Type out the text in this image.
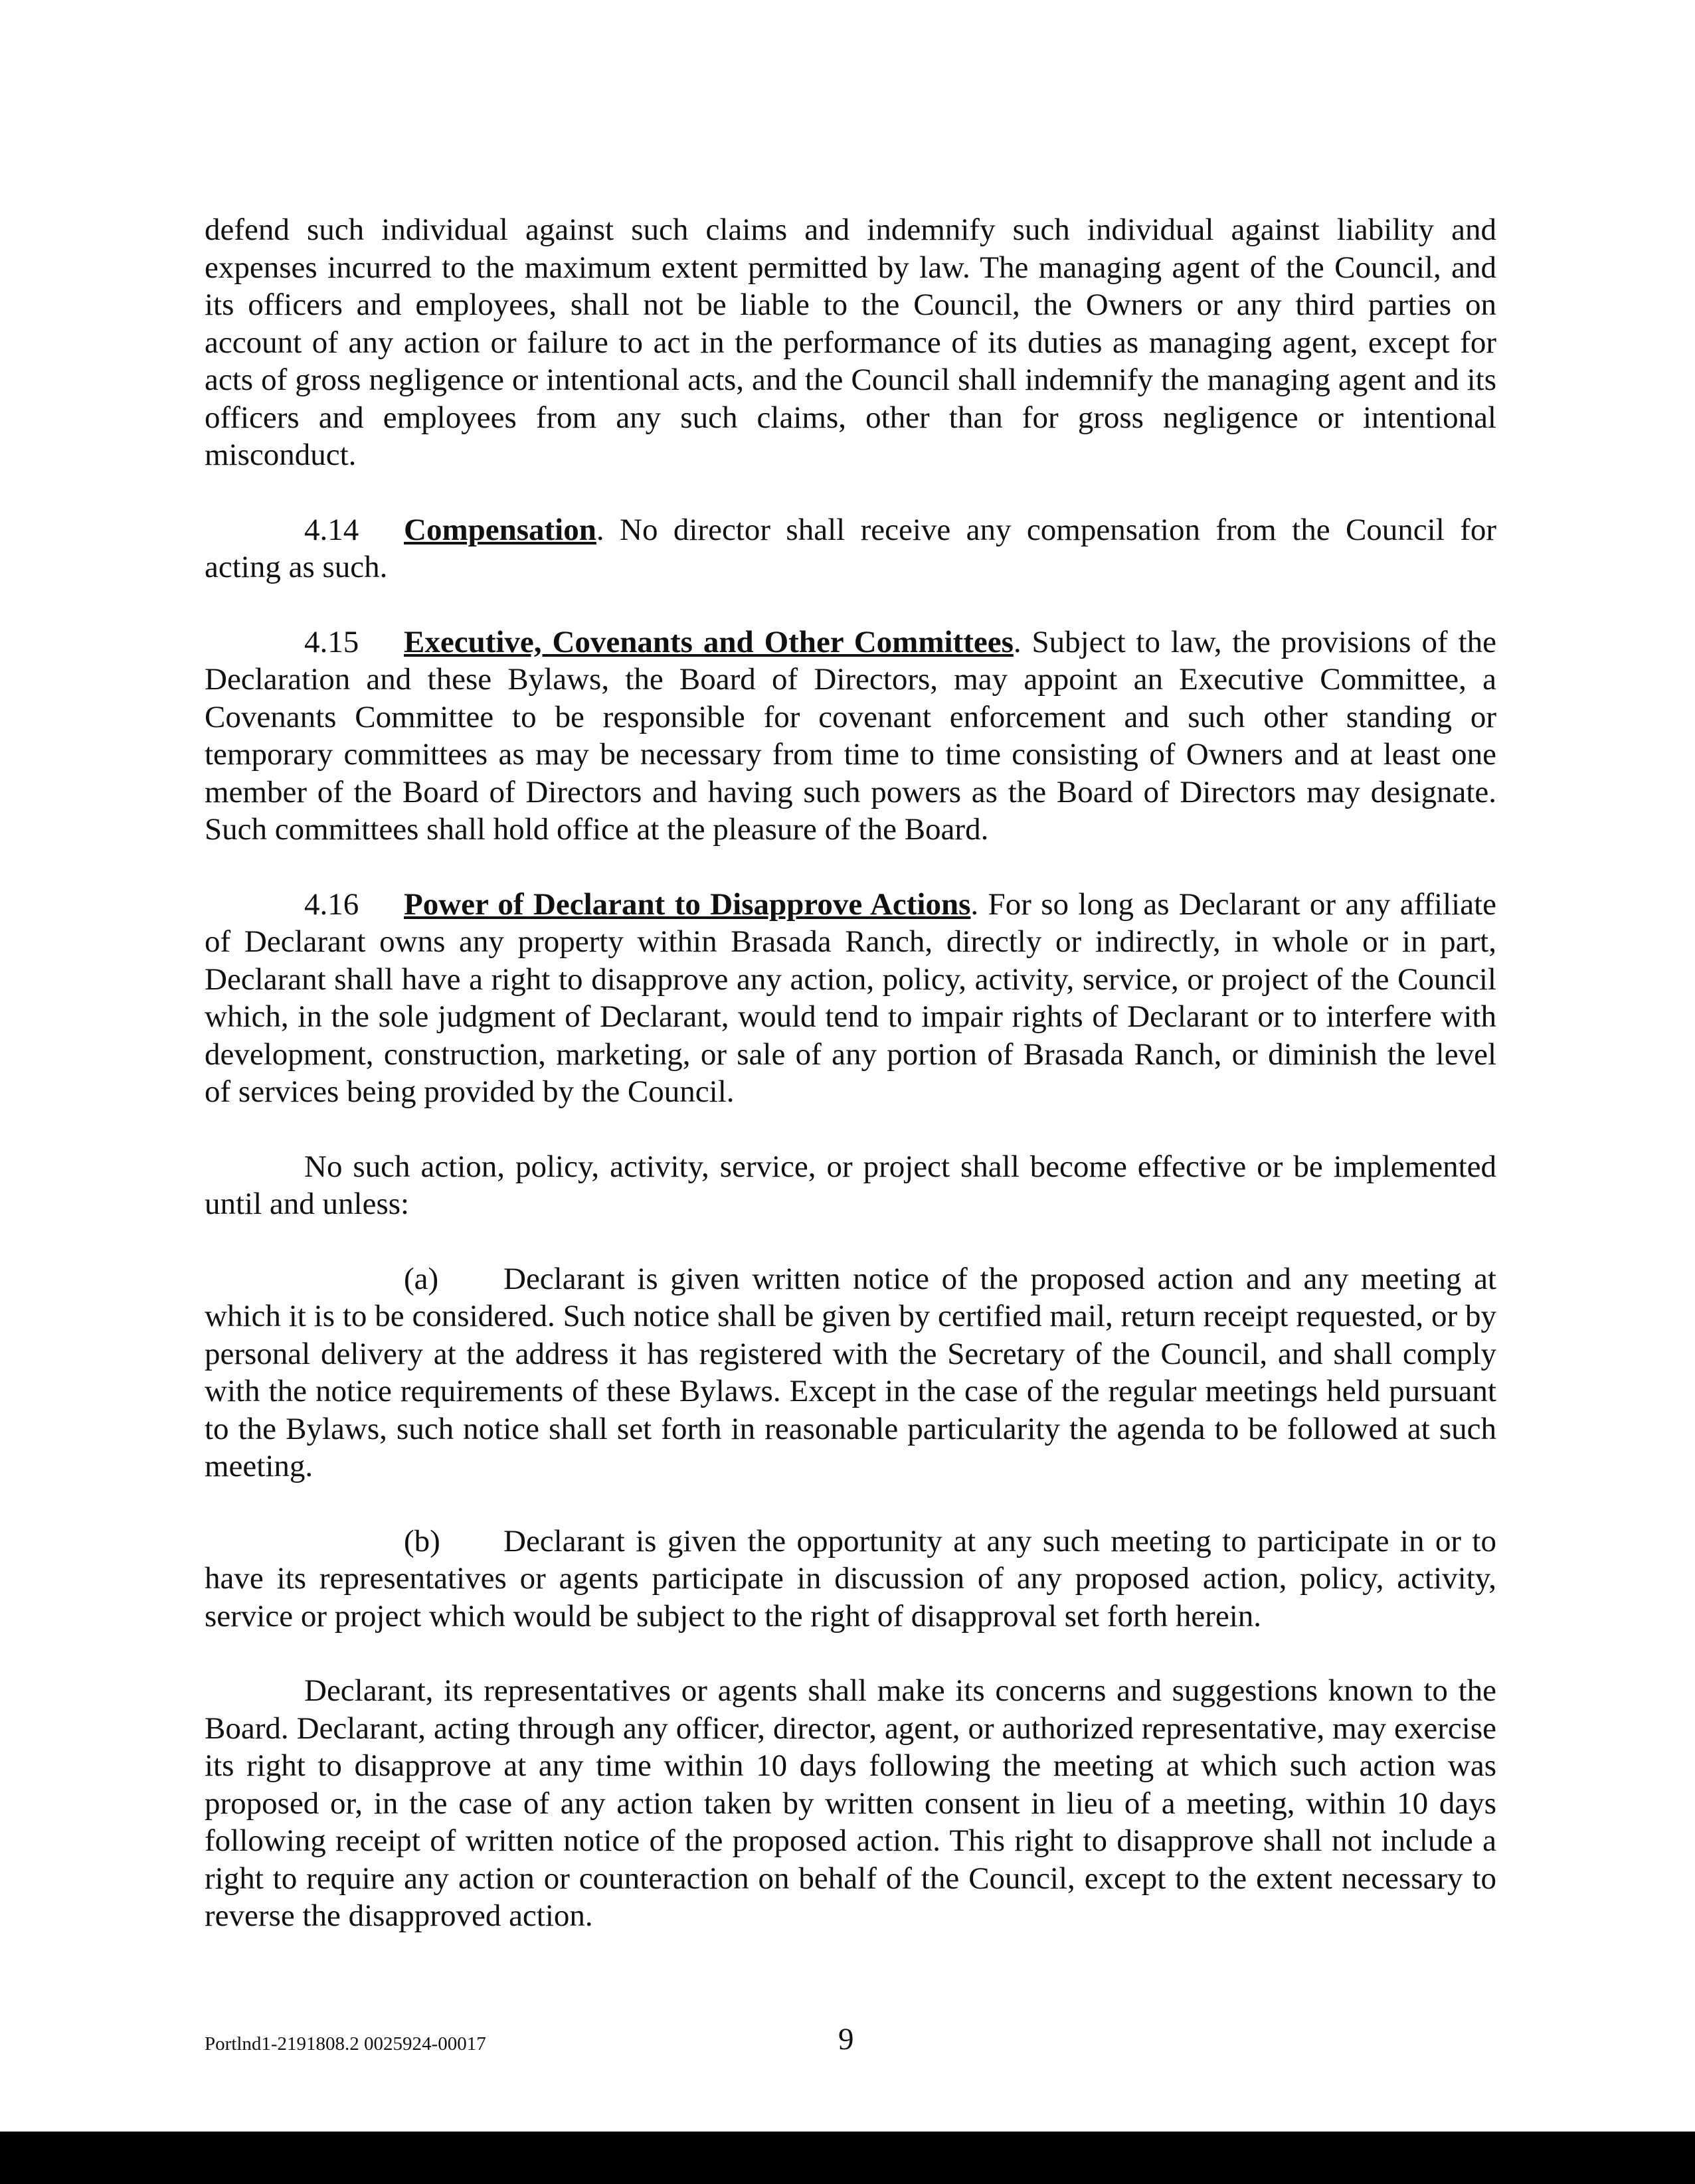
defend such individual against such claims and indemnify such individual against liability and expenses incurred to the maximum extent permitted by law. The managing agent of the Council, and its officers and employees, shall not be liable to the Council, the Owners or any third parties on account of any action or failure to act in the performance of its duties as managing agent, except for acts of gross negligence or intentional acts, and the Council shall indemnify the managing agent and its officers and employees from any such claims, other than for gross negligence or intentional misconduct.

4.14 Compensation. No director shall receive any compensation from the Council for acting as such.

4.15 Executive, Covenants and Other Committees. Subject to law, the provisions of the Declaration and these Bylaws, the Board of Directors, may appoint an Executive Committee, a Covenants Committee to be responsible for covenant enforcement and such other standing or temporary committees as may be necessary from time to time consisting of Owners and at least one member of the Board of Directors and having such powers as the Board of Directors may designate. Such committees shall hold office at the pleasure of the Board.

4.16 Power of Declarant to Disapprove Actions. For so long as Declarant or any affiliate of Declarant owns any property within Brasada Ranch, directly or indirectly, in whole or in part, Declarant shall have a right to disapprove any action, policy, activity, service, or project of the Council which, in the sole judgment of Declarant, would tend to impair rights of Declarant or to interfere with development, construction, marketing, or sale of any portion of Brasada Ranch, or diminish the level of services being provided by the Council.

No such action, policy, activity, service, or project shall become effective or be implemented until and unless:

(a) Declarant is given written notice of the proposed action and any meeting at which it is to be considered. Such notice shall be given by certified mail, return receipt requested, or by personal delivery at the address it has registered with the Secretary of the Council, and shall comply with the notice requirements of these Bylaws. Except in the case of the regular meetings held pursuant to the Bylaws, such notice shall set forth in reasonable particularity the agenda to be followed at such meeting.

(b) Declarant is given the opportunity at any such meeting to participate in or to have its representatives or agents participate in discussion of any proposed action, policy, activity, service or project which would be subject to the right of disapproval set forth herein.

Declarant, its representatives or agents shall make its concerns and suggestions known to the Board. Declarant, acting through any officer, director, agent, or authorized representative, may exercise its right to disapprove at any time within 10 days following the meeting at which such action was proposed or, in the case of any action taken by written consent in lieu of a meeting, within 10 days following receipt of written notice of the proposed action. This right to disapprove shall not include a right to require any action or counteraction on behalf of the Council, except to the extent necessary to reverse the disapproved action.

Portlnd1-2191808.2 0025924-00017	9
